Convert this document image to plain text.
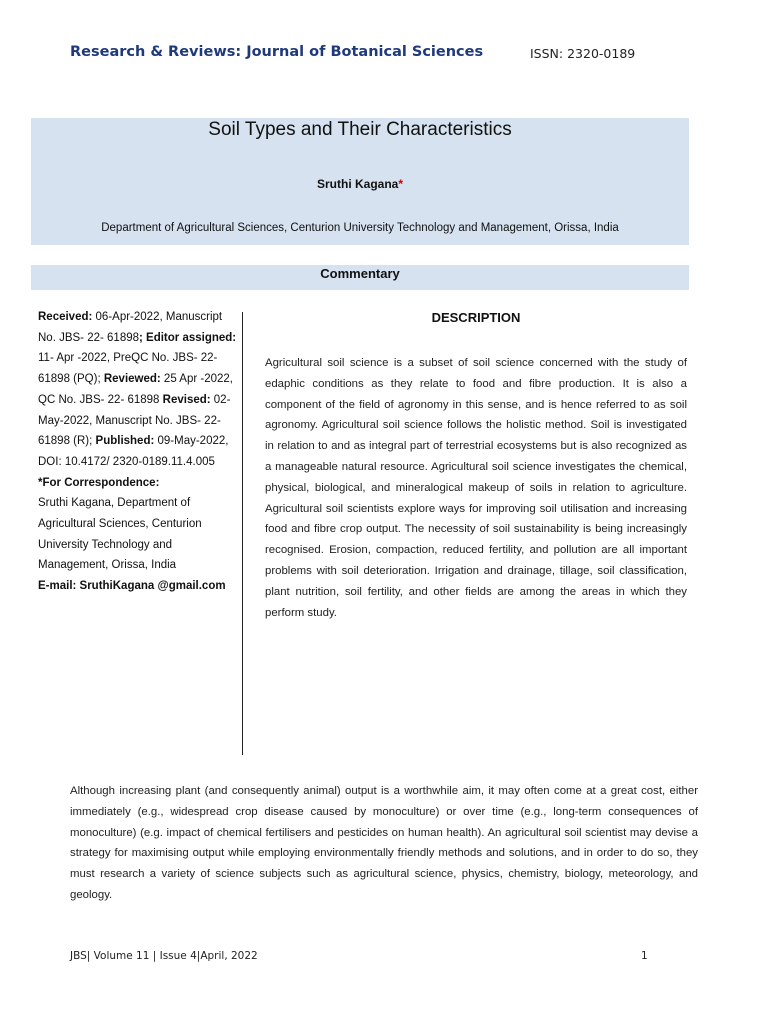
Research & Reviews: Journal of Botanical Sciences	ISSN: 2320-0189
Soil Types and Their Characteristics
Sruthi Kagana*
Department of Agricultural Sciences, Centurion University Technology and Management, Orissa, India
Commentary
Received: 06-Apr-2022, Manuscript No. JBS- 22- 61898; Editor assigned: 11- Apr -2022, PreQC No. JBS- 22- 61898 (PQ); Reviewed: 25 Apr -2022, QC No. JBS- 22- 61898 Revised: 02- May-2022, Manuscript No. JBS- 22- 61898 (R); Published: 09-May-2022, DOI: 10.4172/ 2320-0189.11.4.005
*For Correspondence:
Sruthi Kagana, Department of Agricultural Sciences, Centurion University Technology and Management, Orissa, India
E-mail: SruthiKagana @gmail.com
DESCRIPTION
Agricultural soil science is a subset of soil science concerned with the study of edaphic conditions as they relate to food and fibre production. It is also a component of the field of agronomy in this sense, and is hence referred to as soil agronomy. Agricultural soil science follows the holistic method. Soil is investigated in relation to and as integral part of terrestrial ecosystems but is also recognized as a manageable natural resource. Agricultural soil science investigates the chemical, physical, biological, and mineralogical makeup of soils in relation to agriculture. Agricultural soil scientists explore ways for improving soil utilisation and increasing food and fibre crop output. The necessity of soil sustainability is being increasingly recognised. Erosion, compaction, reduced fertility, and pollution are all important problems with soil deterioration. Irrigation and drainage, tillage, soil classification, plant nutrition, soil fertility, and other fields are among the areas in which they perform study.
Although increasing plant (and consequently animal) output is a worthwhile aim, it may often come at a great cost, either immediately (e.g., widespread crop disease caused by monoculture) or over time (e.g., long-term consequences of monoculture) (e.g. impact of chemical fertilisers and pesticides on human health). An agricultural soil scientist may devise a strategy for maximising output while employing environmentally friendly methods and solutions, and in order to do so, they must research a variety of science subjects such as agricultural science, physics, chemistry, biology, meteorology, and geology.
JBS| Volume 11 | Issue 4|April, 2022	1
